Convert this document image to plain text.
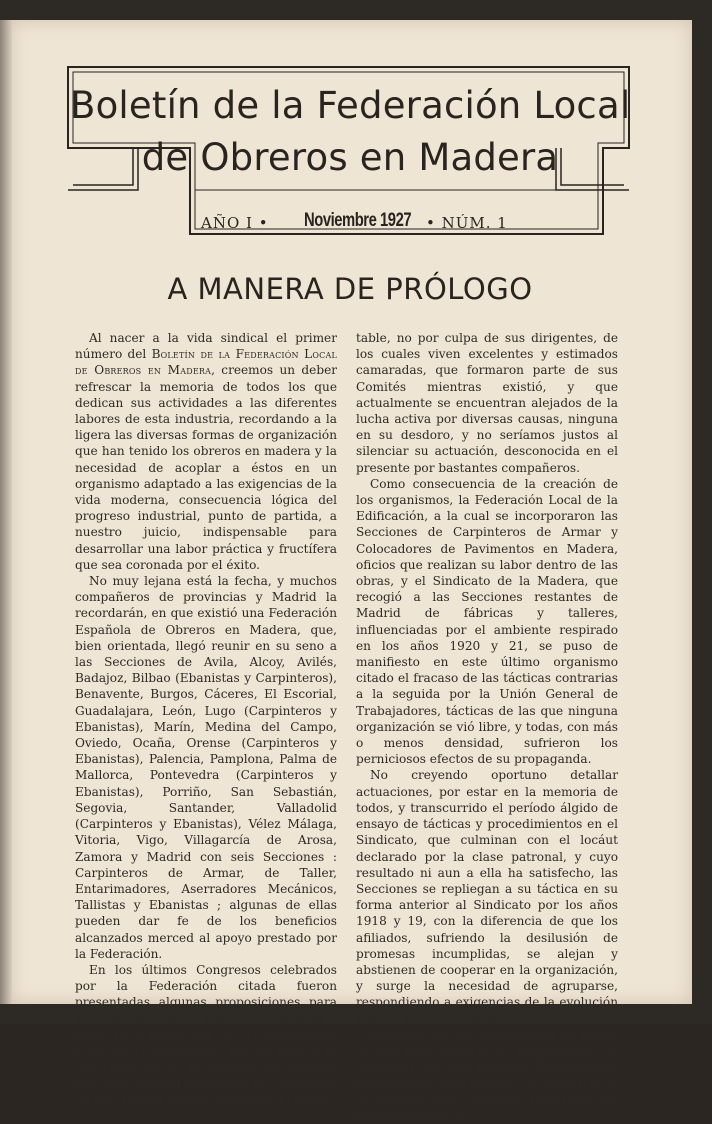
Boletín de la Federación Local
de Obreros en Madera
AÑO I • Noviembre 1927 • NÚM. 1
A MANERA DE PRÓLOGO

Al nacer a la vida sindical el primer número del Boletín de la Federación Local de Obreros en Madera, creemos un deber refrescar la memoria de todos los que dedican sus actividades a las diferentes labores de esta industria, recordando a la ligera las diversas formas de organización que han tenido los obreros en madera y la necesidad de acoplar a éstos en un organismo adaptado a las exigencias de la vida moderna, consecuencia lógica del progreso industrial, punto de partida, a nuestro juicio, indispensable para desarrollar una labor práctica y fructífera que sea coronada por el éxito.

No muy lejana está la fecha, y muchos compañeros de provincias y Madrid la recordarán, en que existió una Federación Española de Obreros en Madera, que, bien orientada, llegó reunir en su seno a las Secciones de Avila, Alcoy, Avilés, Badajoz, Bilbao (Ebanistas y Carpinteros), Benavente, Burgos, Cáceres, El Escorial, Guadalajara, León, Lugo (Carpinteros y Ebanistas), Marín, Medina del Campo, Oviedo, Ocaña, Orense (Carpinteros y Ebanistas), Palencia, Pamplona, Palma de Mallorca, Pontevedra (Carpinteros y Ebanistas), Porriño, San Sebastián, Segovia, Santander, Valladolid (Carpinteros y Ebanistas), Vélez Málaga, Vitoria, Vigo, Villagarcía de Arosa, Zamora y Madrid con seis Secciones : Carpinteros de Armar, de Taller, Entarimadores, Aserradores Mecánicos, Tallistas y Ebanistas ; algunas de ellas pueden dar fe de los beneficios alcanzados merced al apoyo prestado por la Federación.

En los últimos Congresos celebrados por la Federación citada fueron presentadas algunas proposiciones para su transformación, siendo rechazadas ; pero la constitución de la Federación Local de la Edificación, por un lado, y la del Sindicato de la Madera, en Madrid, por otro, desgajaron de ella las Secciones de más importancia, y sobrevino lo inevi-

table, no por culpa de sus dirigentes, de los cuales viven excelentes y estimados camaradas, que formaron parte de sus Comités mientras existió, y que actualmente se encuentran alejados de la lucha activa por diversas causas, ninguna en su desdoro, y no seríamos justos al silenciar su actuación, desconocida en el presente por bastantes compañeros.

Como consecuencia de la creación de los organismos, la Federación Local de la Edificación, a la cual se incorporaron las Secciones de Carpinteros de Armar y Colocadores de Pavimentos en Madera, oficios que realizan su labor dentro de las obras, y el Sindicato de la Madera, que recogió a las Secciones restantes de Madrid de fábricas y talleres, influenciadas por el ambiente respirado en los años 1920 y 21, se puso de manifiesto en este último organismo citado el fracaso de las tácticas contrarias a la seguida por la Unión General de Trabajadores, tácticas de las que ninguna organización se vió libre, y todas, con más o menos densidad, sufrieron los perniciosos efectos de su propaganda.

No creyendo oportuno detallar actuaciones, por estar en la memoria de todos, y transcurrido el período álgido de ensayo de tácticas y procedimientos en el Sindicato, que culminan con el locáut declarado por la clase patronal, y cuyo resultado ni aun a ella ha satisfecho, las Secciones se repliegan a su táctica en su forma anterior al Sindicato por los años 1918 y 19, con la diferencia de que los afiliados, sufriendo la desilusión de promesas incumplidas, se alejan y abstienen de cooperar en la organización, y surge la necesidad de agruparse, respondiendo a exigencias de la evolución sufrida por la industria.

Coincide con esa necesidad el propósito de la Unión General de Trabajadores de organizar sus Secciones en Federaciones nacionales y provinciales de industria, y se nombra una Comisión, integrada por representantes de
